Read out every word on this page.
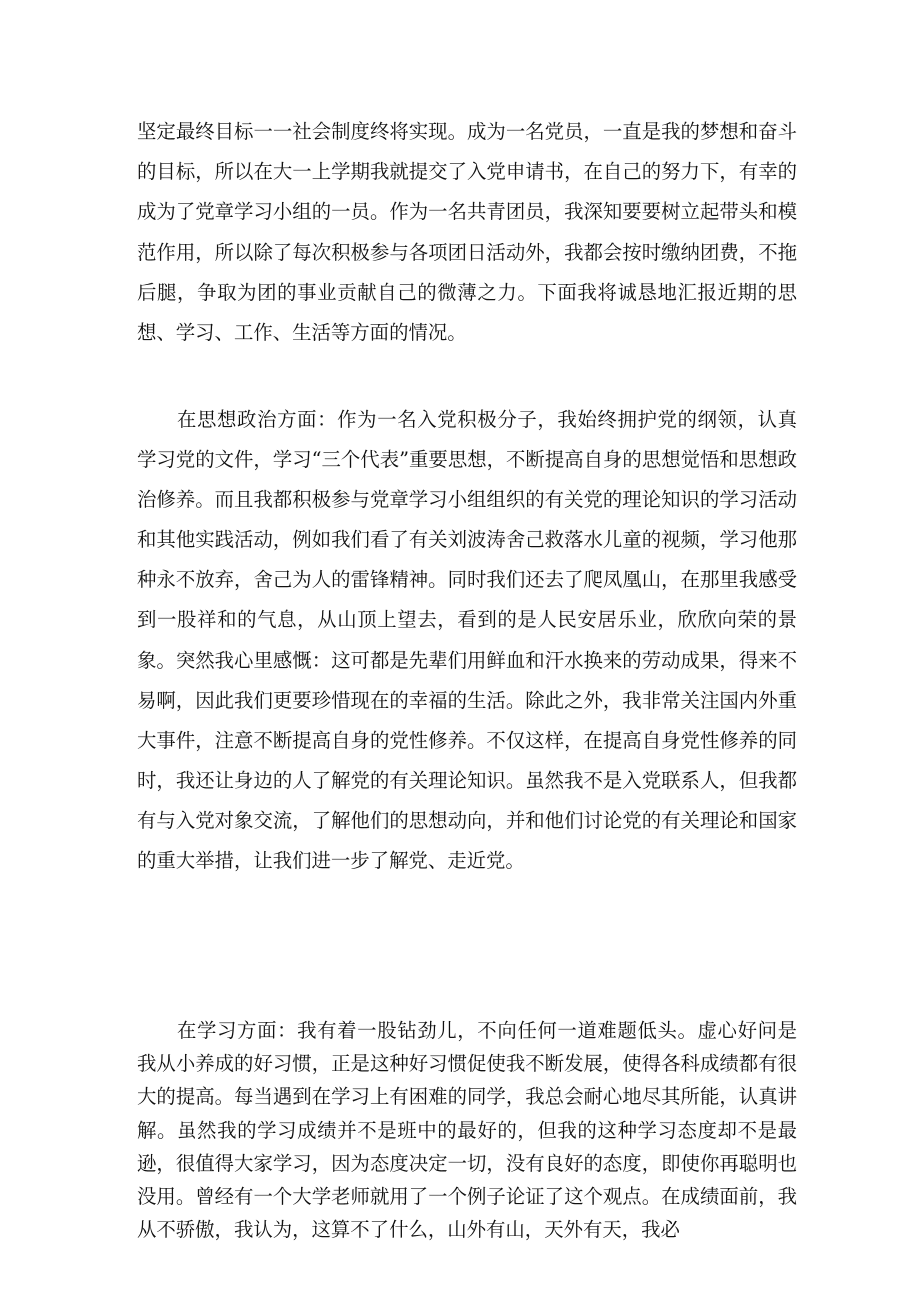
坚定最终目标一一社会制度终将实现。成为一名党员，一直是我的梦想和奋斗的目标，所以在大一上学期我就提交了入党申请书，在自己的努力下，有幸的成为了党章学习小组的一员。作为一名共青团员，我深知要要树立起带头和模范作用，所以除了每次积极参与各项团日活动外，我都会按时缴纳团费，不拖后腿，争取为团的事业贡献自己的微薄之力。下面我将诚恳地汇报近期的思想、学习、工作、生活等方面的情况。

在思想政治方面：作为一名入党积极分子，我始终拥护党的纲领，认真学习党的文件，学习“三个代表”重要思想，不断提高自身的思想觉悟和思想政治修养。而且我都积极参与党章学习小组组织的有关党的理论知识的学习活动和其他实践活动，例如我们看了有关刘波涛舍己救落水儿童的视频，学习他那种永不放弃，舍己为人的雷锋精神。同时我们还去了爬凤凰山，在那里我感受到一股祥和的气息，从山顶上望去，看到的是人民安居乐业，欣欣向荣的景象。突然我心里感慨：这可都是先辈们用鲜血和汗水换来的劳动成果，得来不易啊，因此我们更要珍惜现在的幸福的生活。除此之外，我非常关注国内外重大事件，注意不断提高自身的党性修养。不仅这样，在提高自身党性修养的同时，我还让身边的人了解党的有关理论知识。虽然我不是入党联系人，但我都有与入党对象交流，了解他们的思想动向，并和他们讨论党的有关理论和国家的重大举措，让我们进一步了解党、走近党。

在学习方面：我有着一股钻劲儿，不向任何一道难题低头。虚心好问是我从小养成的好习惯，正是这种好习惯促使我不断发展，使得各科成绩都有很大的提高。每当遇到在学习上有困难的同学，我总会耐心地尽其所能，认真讲解。虽然我的学习成绩并不是班中的最好的，但我的这种学习态度却不是最逊，很值得大家学习，因为态度决定一切，没有良好的态度，即使你再聪明也没用。曾经有一个大学老师就用了一个例子论证了这个观点。在成绩面前，我从不骄傲，我认为，这算不了什么，山外有山，天外有天，我必
